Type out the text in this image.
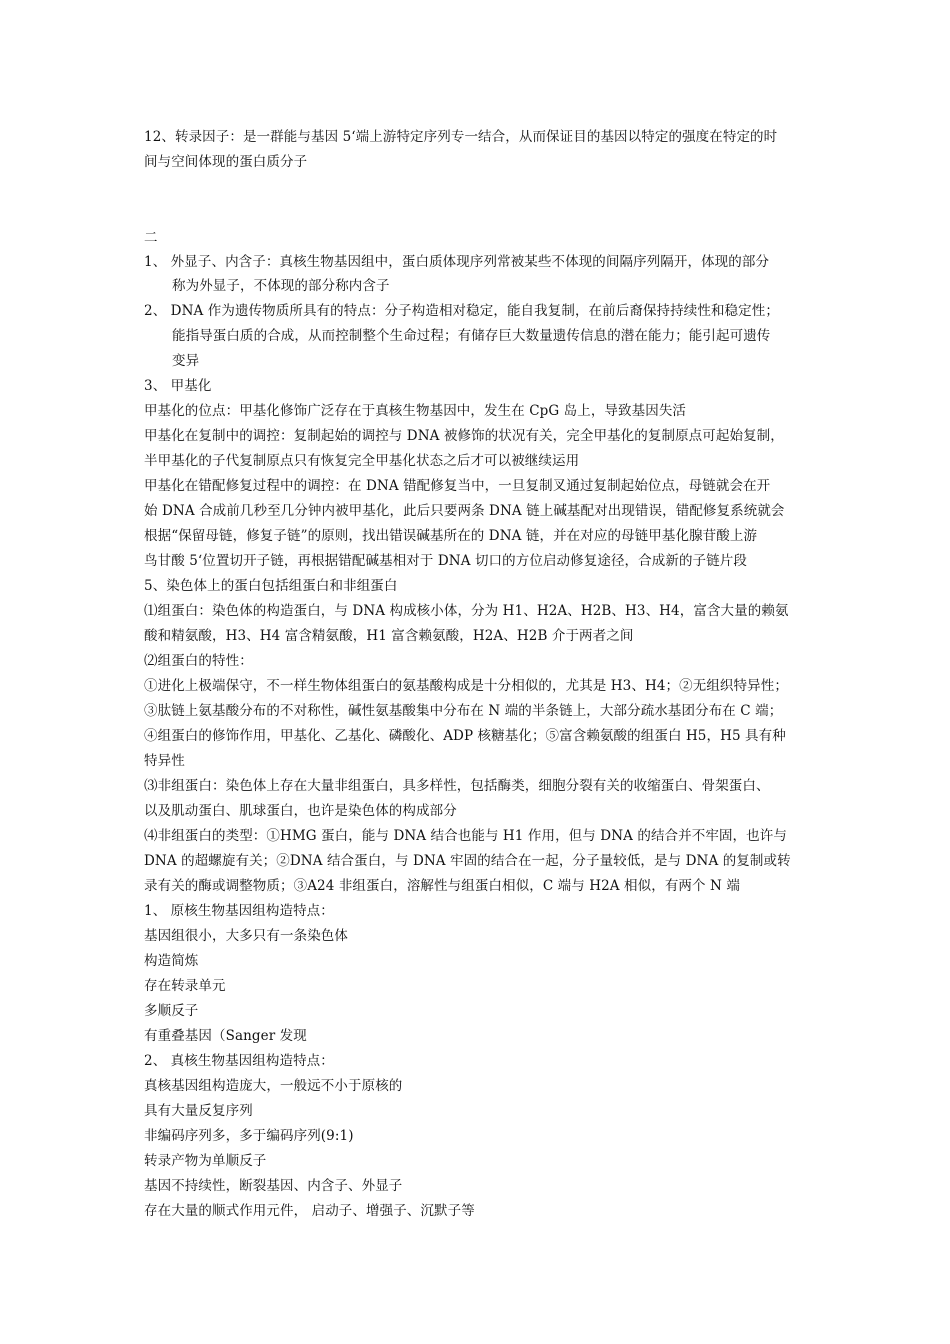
12、转录因子：是一群能与基因 5‘端上游特定序列专一结合，从而保证目的基因以特定的强度在特定的时
间与空间体现的蛋白质分子
二
1、 外显子、内含子：真核生物基因组中，蛋白质体现序列常被某些不体现的间隔序列隔开，体现的部分
称为外显子，不体现的部分称内含子
2、 DNA 作为遗传物质所具有的特点：分子构造相对稳定，能自我复制，在前后裔保持持续性和稳定性；
能指导蛋白质的合成，从而控制整个生命过程；有储存巨大数量遗传信息的潜在能力；能引起可遗传
变异
3、 甲基化
甲基化的位点：甲基化修饰广泛存在于真核生物基因中，发生在 CpG 岛上，导致基因失活
甲基化在复制中的调控：复制起始的调控与 DNA 被修饰的状况有关，完全甲基化的复制原点可起始复制，
半甲基化的子代复制原点只有恢复完全甲基化状态之后才可以被继续运用
甲基化在错配修复过程中的调控：在 DNA 错配修复当中，一旦复制叉通过复制起始位点，母链就会在开
始 DNA 合成前几秒至几分钟内被甲基化，此后只要两条 DNA 链上碱基配对出现错误，错配修复系统就会
根据“保留母链，修复子链”的原则，找出错误碱基所在的 DNA 链，并在对应的母链甲基化腺苷酸上游
鸟甘酸 5‘位置切开子链，再根据错配碱基相对于 DNA 切口的方位启动修复途径，合成新的子链片段
5、染色体上的蛋白包括组蛋白和非组蛋白
⑴组蛋白：染色体的构造蛋白，与 DNA 构成核小体，分为 H1、H2A、H2B、H3、H4，富含大量的赖氨
酸和精氨酸，H3、H4 富含精氨酸，H1 富含赖氨酸，H2A、H2B 介于两者之间
⑵组蛋白的特性：
①进化上极端保守，不一样生物体组蛋白的氨基酸构成是十分相似的，尤其是 H3、H4；②无组织特异性；
③肽链上氨基酸分布的不对称性，碱性氨基酸集中分布在 N 端的半条链上，大部分疏水基团分布在 C 端；
④组蛋白的修饰作用，甲基化、乙基化、磷酸化、ADP 核糖基化；⑤富含赖氨酸的组蛋白 H5，H5 具有种
特异性
⑶非组蛋白：染色体上存在大量非组蛋白，具多样性，包括酶类，细胞分裂有关的收缩蛋白、骨架蛋白、
以及肌动蛋白、肌球蛋白，也许是染色体的构成部分
⑷非组蛋白的类型：①HMG 蛋白，能与 DNA 结合也能与 H1 作用，但与 DNA 的结合并不牢固，也许与
DNA 的超螺旋有关；②DNA 结合蛋白，与 DNA 牢固的结合在一起，分子量较低，是与 DNA 的复制或转
录有关的酶或调整物质；③A24 非组蛋白，溶解性与组蛋白相似，C 端与 H2A 相似，有两个 N 端
1、 原核生物基因组构造特点：
基因组很小，大多只有一条染色体
构造简炼
存在转录单元
多顺反子
有重叠基因（Sanger 发现
2、 真核生物基因组构造特点：
真核基因组构造庞大，一般远不小于原核的
具有大量反复序列
非编码序列多，多于编码序列(9:1)
转录产物为单顺反子
基因不持续性，断裂基因、内含子、外显子
存在大量的顺式作用元件， 启动子、增强子、沉默子等
